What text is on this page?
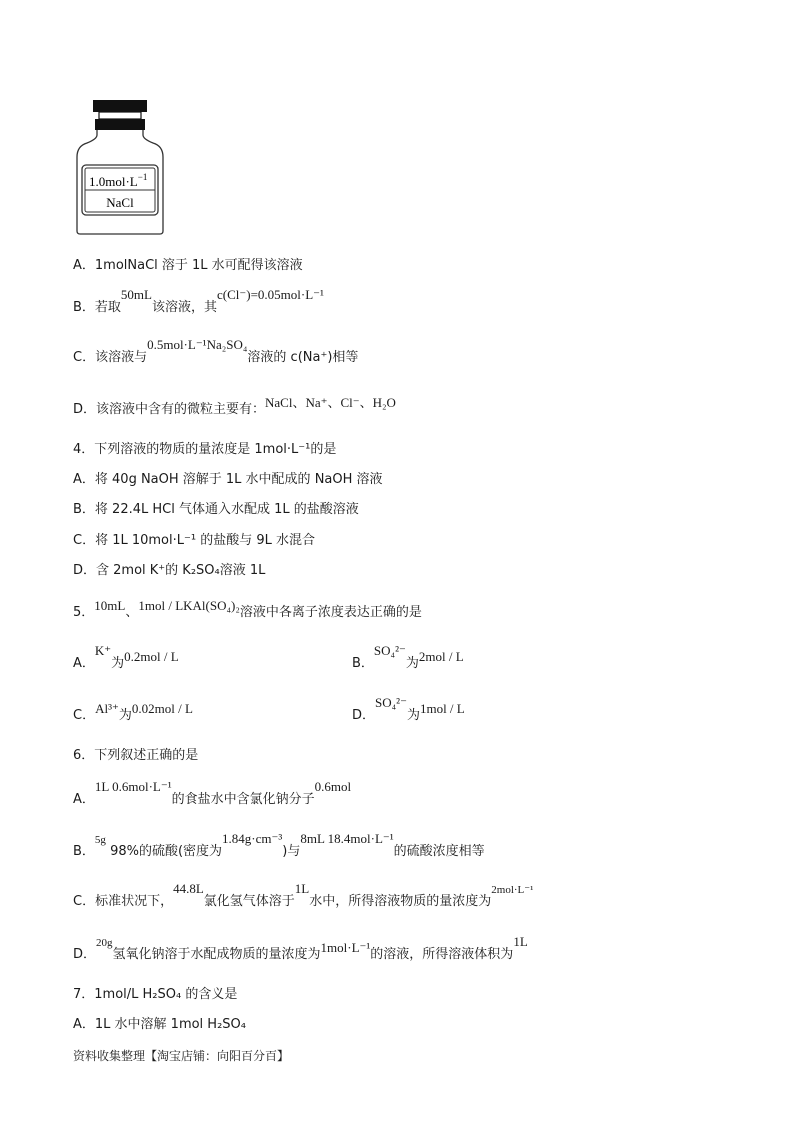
$1.0mol\cdot L^{-1}$
NaCl
A．1molNaCl 溶于 1L 水可配得该溶液
B．若取50mL该溶液，其c(Cl⁻)=0.05mol·L⁻¹
C．该溶液与0.5mol·L⁻¹Na₂SO₄溶液的 c(Na⁺)相等
D．该溶液中含有的微粒主要有：NaCl、Na⁺、Cl⁻、H₂O
4．下列溶液的物质的量浓度是 1mol·L⁻¹的是
A．将 40g NaOH 溶解于 1L 水中配成的 NaOH 溶液
B．将 22.4L HCl 气体通入水配成 1L 的盐酸溶液
C．将 1L 10mol·L⁻¹ 的盐酸与 9L 水混合
D．含 2mol K⁺的 K₂SO₄溶液 1L
5．10mL、1mol / LKAl(SO₄)₂溶液中各离子浓度表达正确的是
A．K⁺为0.2mol / L	B．SO₄²⁻为2mol / L
C．Al³⁺为0.02mol / L	D．SO₄²⁻为1mol / L
6．下列叙述正确的是
A．1L 0.6mol·L⁻¹的食盐水中含氯化钠分子0.6mol
B．$^{5g}$ 98%的硫酸(密度为1.84g·cm⁻³)与8mL 18.4mol·L⁻¹的硫酸浓度相等
C．标准状况下，44.8L氯化氢气体溶于1L水中，所得溶液物质的量浓度为$^{2mol\cdot L^{-1}}$
D．$^{20g}$氢氧化钠溶于水配成物质的量浓度为1mol·L⁻¹的溶液，所得溶液体积为1L
7．1mol/L H₂SO₄ 的含义是
A．1L 水中溶解 1mol H₂SO₄
资料收集整理【淘宝店铺：向阳百分百】
